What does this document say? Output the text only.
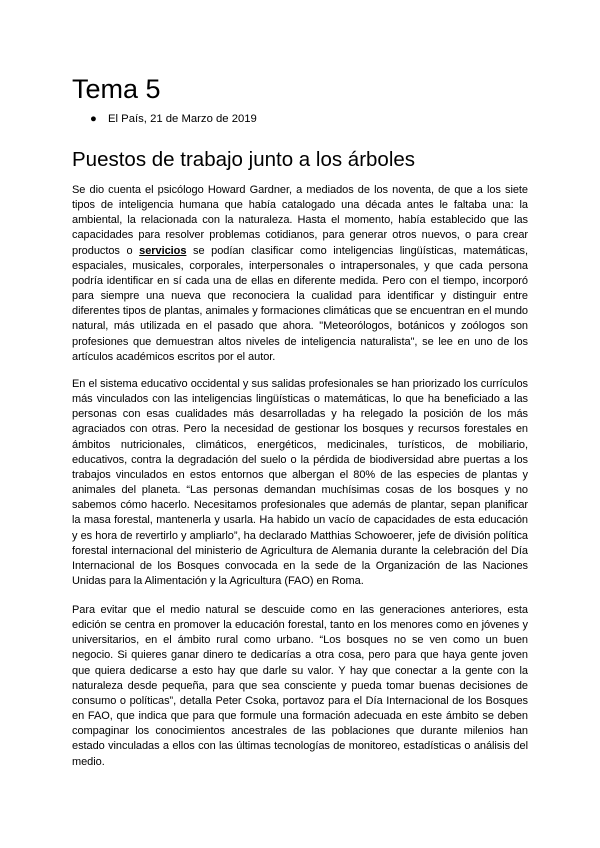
Tema 5
● El País, 21 de Marzo de 2019
Puestos de trabajo junto a los árboles

Se dio cuenta el psicólogo Howard Gardner, a mediados de los noventa, de que a los siete tipos de inteligencia humana que había catalogado una década antes le faltaba una: la ambiental, la relacionada con la naturaleza. Hasta el momento, había establecido que las capacidades para resolver problemas cotidianos, para generar otros nuevos, o para crear productos o servicios se podían clasificar como inteligencias lingüísticas, matemáticas, espaciales, musicales, corporales, interpersonales o intrapersonales, y que cada persona podría identificar en sí cada una de ellas en diferente medida. Pero con el tiempo, incorporó para siempre una nueva que reconociera la cualidad para identificar y distinguir entre diferentes tipos de plantas, animales y formaciones climáticas que se encuentran en el mundo natural, más utilizada en el pasado que ahora. "Meteorólogos, botánicos y zoólogos son profesiones que demuestran altos niveles de inteligencia naturalista", se lee en uno de los artículos académicos escritos por el autor.

En el sistema educativo occidental y sus salidas profesionales se han priorizado los currículos más vinculados con las inteligencias lingüísticas o matemáticas, lo que ha beneficiado a las personas con esas cualidades más desarrolladas y ha relegado la posición de los más agraciados con otras. Pero la necesidad de gestionar los bosques y recursos forestales en ámbitos nutricionales, climáticos, energéticos, medicinales, turísticos, de mobiliario, educativos, contra la degradación del suelo o la pérdida de biodiversidad abre puertas a los trabajos vinculados en estos entornos que albergan el 80% de las especies de plantas y animales del planeta. “Las personas demandan muchísimas cosas de los bosques y no sabemos cómo hacerlo. Necesitamos profesionales que además de plantar, sepan planificar la masa forestal, mantenerla y usarla. Ha habido un vacío de capacidades de esta educación y es hora de revertirlo y ampliarlo”, ha declarado Matthias Schowoerer, jefe de división política forestal internacional del ministerio de Agricultura de Alemania durante la celebración del Día Internacional de los Bosques convocada en la sede de la Organización de las Naciones Unidas para la Alimentación y la Agricultura (FAO) en Roma.

Para evitar que el medio natural se descuide como en las generaciones anteriores, esta edición se centra en promover la educación forestal, tanto en los menores como en jóvenes y universitarios, en el ámbito rural como urbano. “Los bosques no se ven como un buen negocio. Si quieres ganar dinero te dedicarías a otra cosa, pero para que haya gente joven que quiera dedicarse a esto hay que darle su valor. Y hay que conectar a la gente con la naturaleza desde pequeña, para que sea consciente y pueda tomar buenas decisiones de consumo o políticas”, detalla Peter Csoka, portavoz para el Día Internacional de los Bosques en FAO, que indica que para que formule una formación adecuada en este ámbito se deben compaginar los conocimientos ancestrales de las poblaciones que durante milenios han estado vinculadas a ellos con las últimas tecnologías de monitoreo, estadísticas o análisis del medio.
